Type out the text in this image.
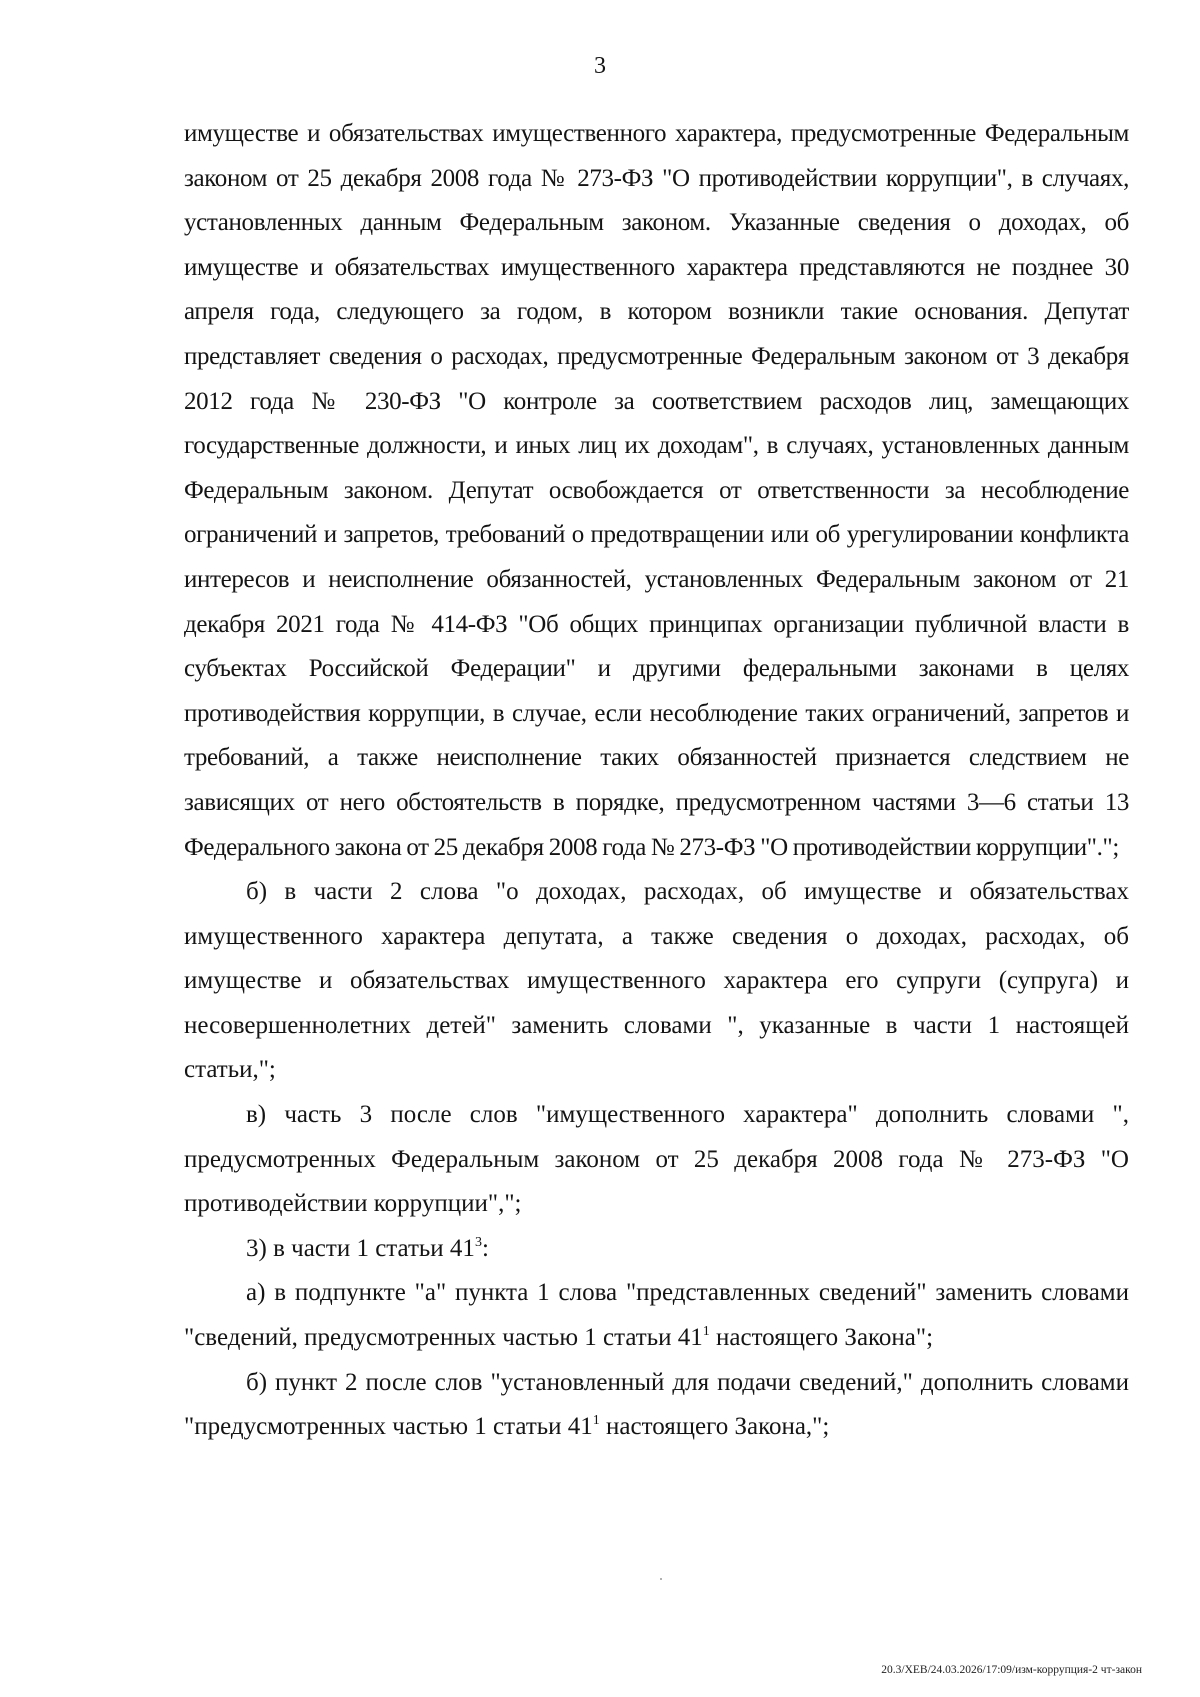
3

имуществе и обязательствах имущественного характера, предусмотренные Федеральным законом от 25 декабря 2008 года № 273-ФЗ "О противодействии коррупции", в случаях, установленных данным Федеральным законом. Указанные сведения о доходах, об имуществе и обязательствах имущественного характера представляются не позднее 30 апреля года, следующего за годом, в котором возникли такие основания. Депутат представляет сведения о расходах, предусмотренные Федеральным законом от 3 декабря 2012 года № 230-ФЗ "О контроле за соответствием расходов лиц, замещающих государственные должности, и иных лиц их доходам", в случаях, установленных данным Федеральным законом. Депутат освобождается от ответственности за несоблюдение ограничений и запретов, требований о предотвращении или об урегулировании конфликта интересов и неисполнение обязанностей, установленных Федеральным законом от 21 декабря 2021 года № 414-ФЗ "Об общих принципах организации публичной власти в субъектах Российской Федерации" и другими федеральными законами в целях противодействия коррупции, в случае, если несоблюдение таких ограничений, запретов и требований, а также неисполнение таких обязанностей признается следствием не зависящих от него обстоятельств в порядке, предусмотренном частями 3—6 статьи 13 Федерального закона от 25 декабря 2008 года № 273-ФЗ "О противодействии коррупции".";

б) в части 2 слова "о доходах, расходах, об имуществе и обязательствах имущественного характера депутата, а также сведения о доходах, расходах, об имуществе и обязательствах имущественного характера его супруги (супруга) и несовершеннолетних детей" заменить словами ", указанные в части 1 настоящей статьи,";

в) часть 3 после слов "имущественного характера" дополнить словами ", предусмотренных Федеральным законом от 25 декабря 2008 года № 273-ФЗ "О противодействии коррупции",";

3) в части 1 статьи $41^3$:

а) в подпункте "а" пункта 1 слова "представленных сведений" заменить словами "сведений, предусмотренных частью 1 статьи $41^1$ настоящего Закона";

б) пункт 2 после слов "установленный для подачи сведений," дополнить словами "предусмотренных частью 1 статьи $41^1$ настоящего Закона,";

20.3/ХЕВ/24.03.2026/17:09/изм-коррупция-2 чт-закон
